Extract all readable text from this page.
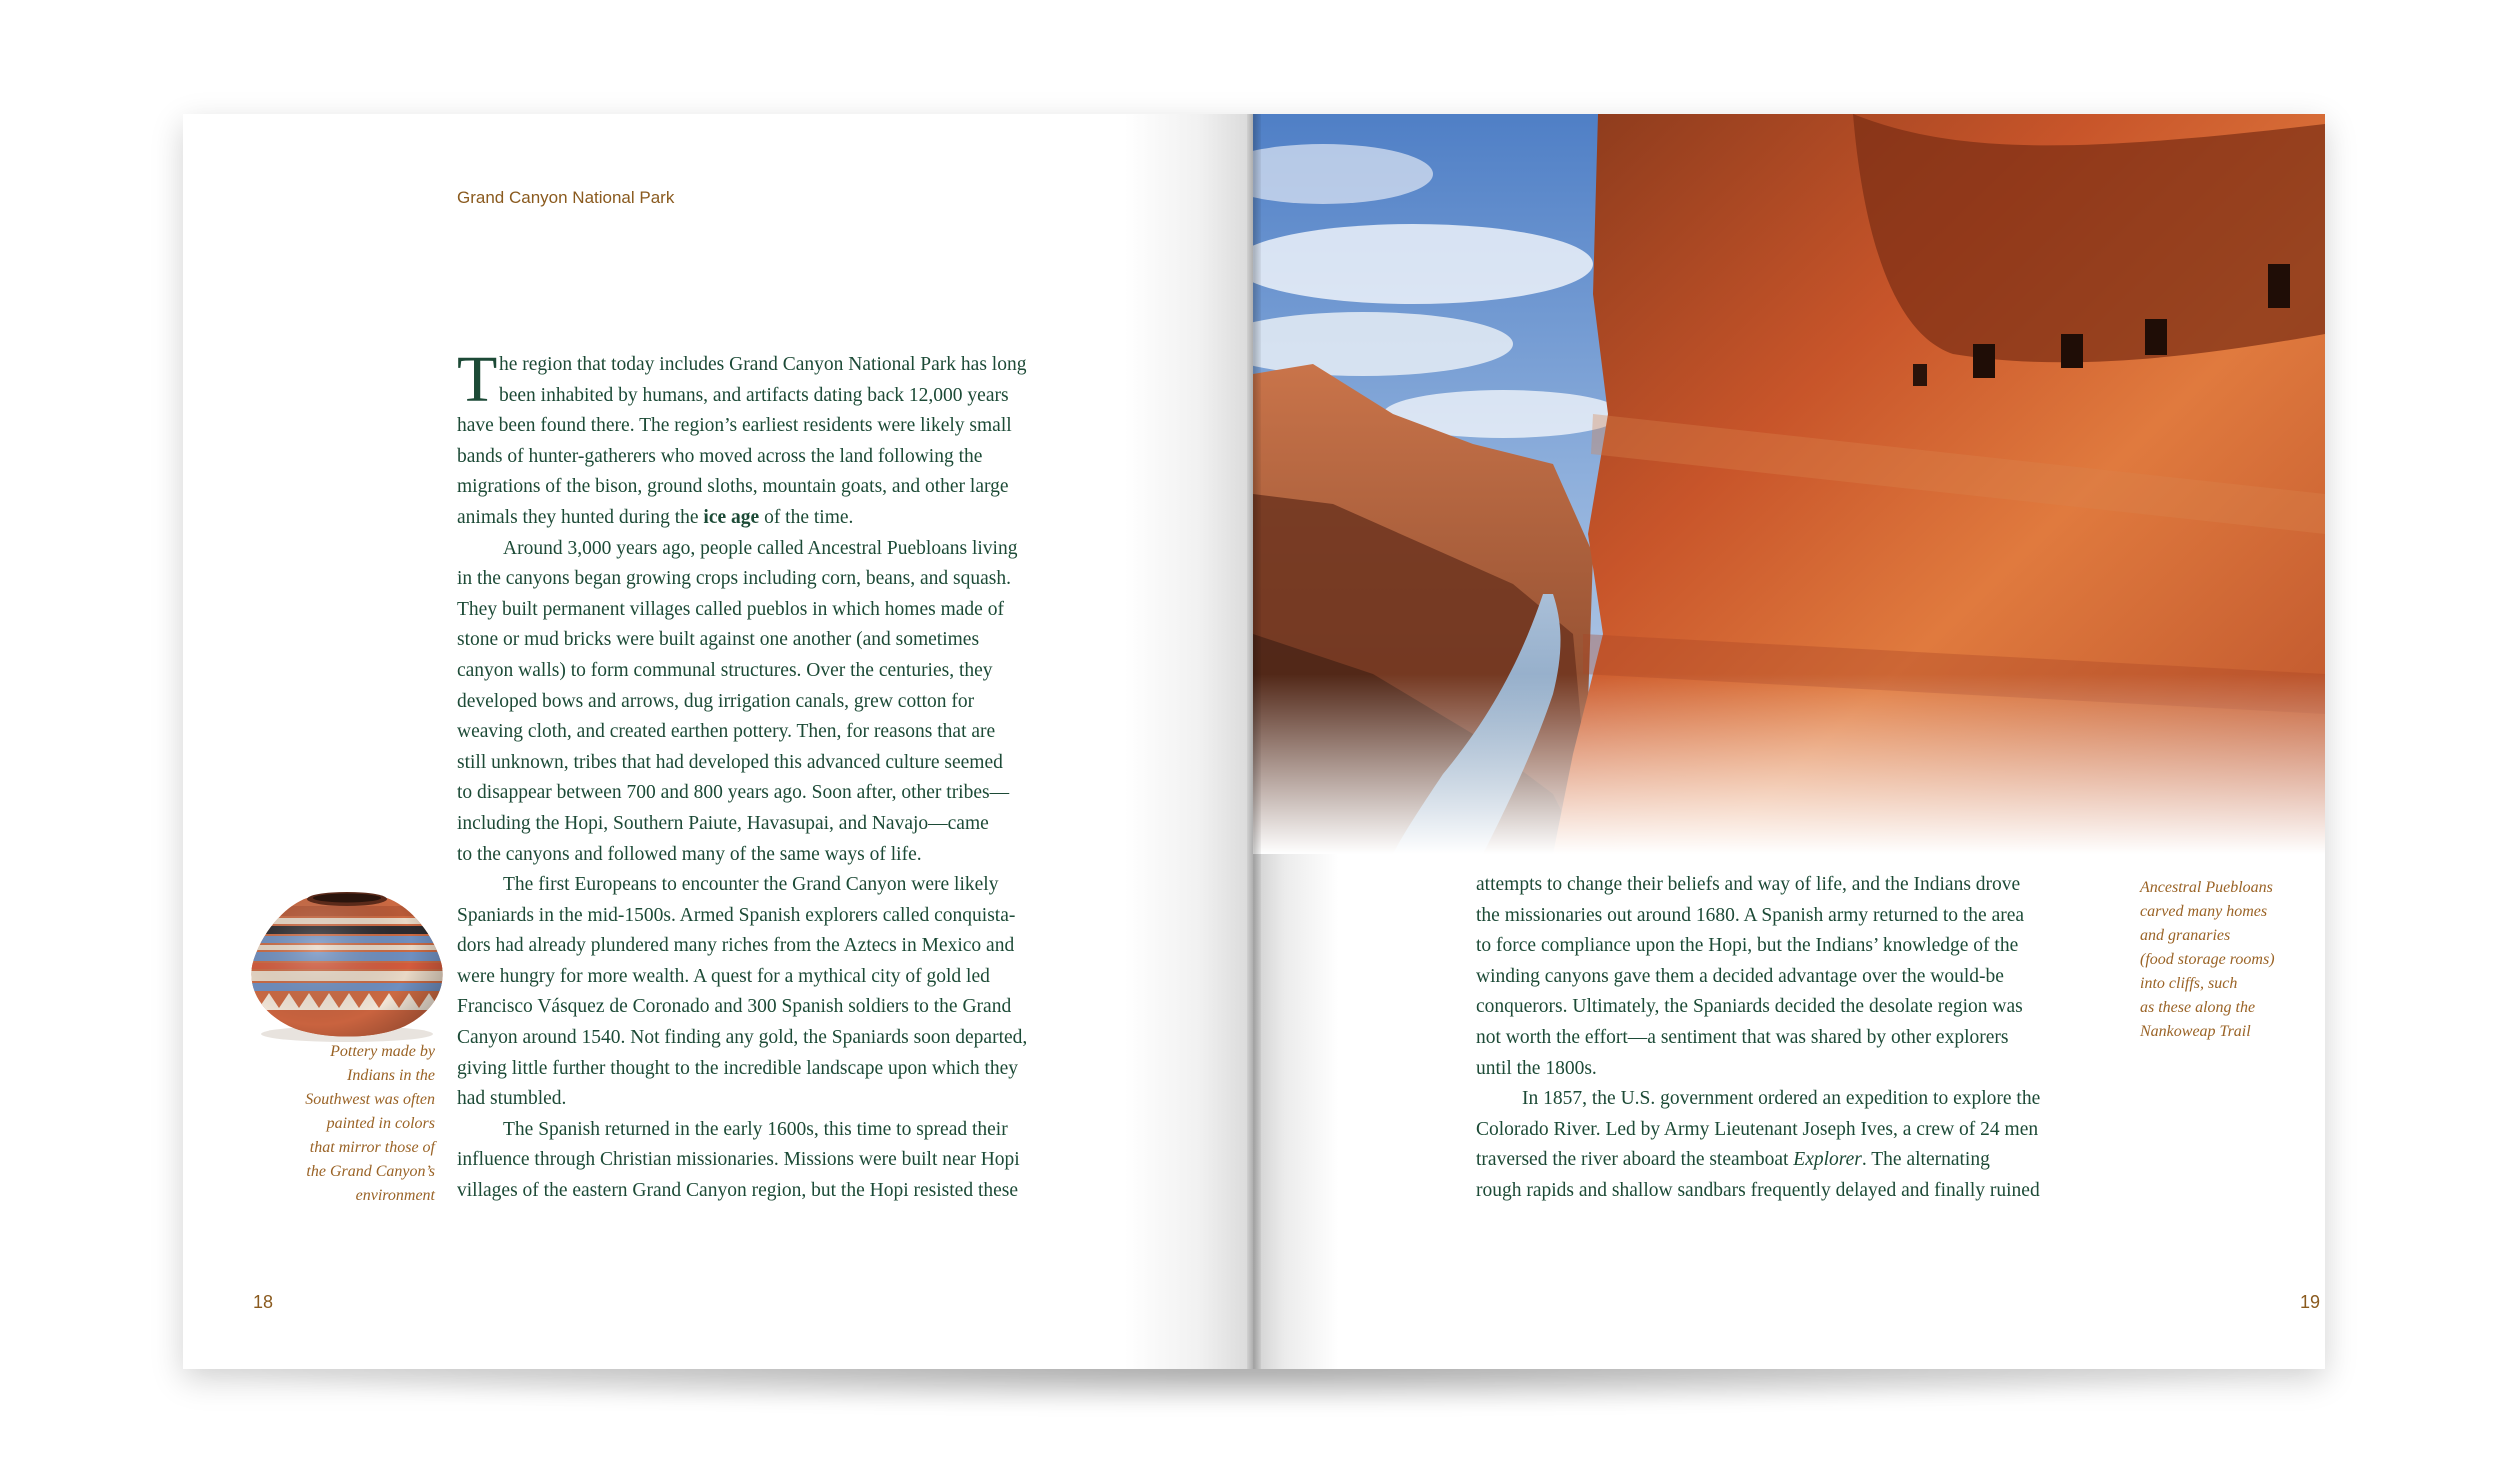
Grand Canyon National Park
T he region that today includes Grand Canyon National Park has long
been inhabited by humans, and artifacts dating back 12,000 years
have been found there. The region’s earliest residents were likely small
bands of hunter-gatherers who moved across the land following the
migrations of the bison, ground sloths, mountain goats, and other large
animals they hunted during the ice age of the time.
Around 3,000 years ago, people called Ancestral Puebloans living
in the canyons began growing crops including corn, beans, and squash.
They built permanent villages called pueblos in which homes made of
stone or mud bricks were built against one another (and sometimes
canyon walls) to form communal structures. Over the centuries, they
developed bows and arrows, dug irrigation canals, grew cotton for
weaving cloth, and created earthen pottery. Then, for reasons that are
still unknown, tribes that had developed this advanced culture seemed
to disappear between 700 and 800 years ago. Soon after, other tribes—
including the Hopi, Southern Paiute, Havasupai, and Navajo—came
to the canyons and followed many of the same ways of life.
The first Europeans to encounter the Grand Canyon were likely
Spaniards in the mid-1500s. Armed Spanish explorers called conquista-
dors had already plundered many riches from the Aztecs in Mexico and
were hungry for more wealth. A quest for a mythical city of gold led
Francisco Vásquez de Coronado and 300 Spanish soldiers to the Grand
Canyon around 1540. Not finding any gold, the Spaniards soon departed,
giving little further thought to the incredible landscape upon which they
had stumbled.
The Spanish returned in the early 1600s, this time to spread their
influence through Christian missionaries. Missions were built near Hopi
villages of the eastern Grand Canyon region, but the Hopi resisted these
Pottery made by
Indians in the
Southwest was often
painted in colors
that mirror those of
the Grand Canyon’s
environment
18
attempts to change their beliefs and way of life, and the Indians drove
the missionaries out around 1680. A Spanish army returned to the area
to force compliance upon the Hopi, but the Indians’ knowledge of the
winding canyons gave them a decided advantage over the would-be
conquerors. Ultimately, the Spaniards decided the desolate region was
not worth the effort—a sentiment that was shared by other explorers
until the 1800s.
In 1857, the U.S. government ordered an expedition to explore the
Colorado River. Led by Army Lieutenant Joseph Ives, a crew of 24 men
traversed the river aboard the steamboat Explorer. The alternating
rough rapids and shallow sandbars frequently delayed and finally ruined
Ancestral Puebloans
carved many homes
and granaries
(food storage rooms)
into cliffs, such
as these along the
Nankoweap Trail
19
